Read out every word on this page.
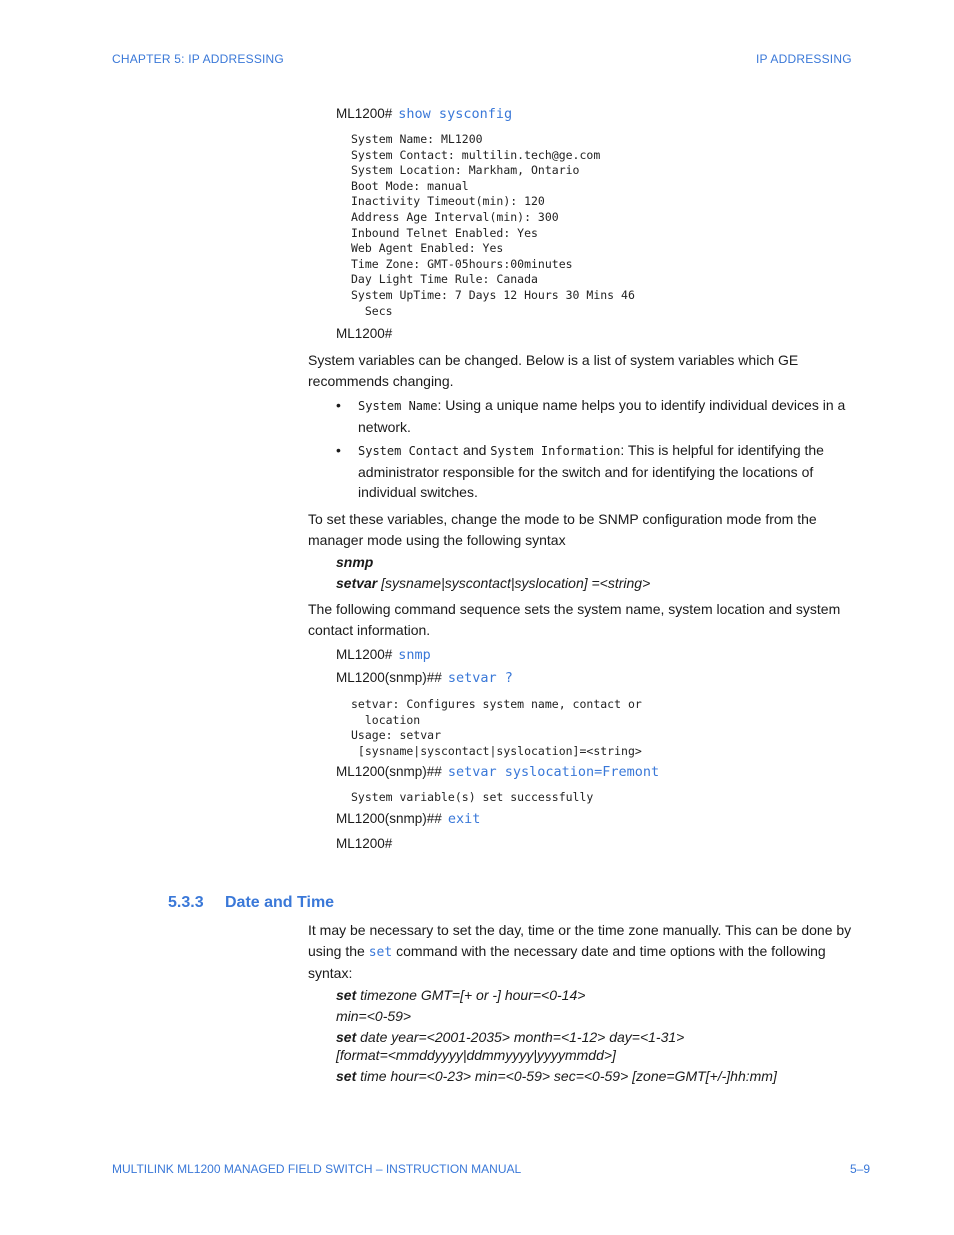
CHAPTER 5: IP ADDRESSING	IP ADDRESSING
ML1200# show sysconfig
System Name: ML1200
System Contact: multilin.tech@ge.com
System Location: Markham, Ontario
Boot Mode: manual
Inactivity Timeout(min): 120
Address Age Interval(min): 300
Inbound Telnet Enabled: Yes
Web Agent Enabled: Yes
Time Zone: GMT-05hours:00minutes
Day Light Time Rule: Canada
System UpTime: 7 Days 12 Hours 30 Mins 46
Secs
ML1200#

System variables can be changed. Below is a list of system variables which GE recommends changing.

• System Name: Using a unique name helps you to identify individual devices in a network.

• System Contact and System Information: This is helpful for identifying the administrator responsible for the switch and for identifying the locations of individual switches.

To set these variables, change the mode to be SNMP configuration mode from the manager mode using the following syntax

snmp
setvar [sysname|syscontact|syslocation] =<string>

The following command sequence sets the system name, system location and system contact information.

ML1200# snmp
ML1200(snmp)## setvar ?
setvar: Configures system name, contact or
location
Usage: setvar
[sysname|syscontact|syslocation]=<string>
ML1200(snmp)## setvar syslocation=Fremont
System variable(s) set successfully
ML1200(snmp)## exit
ML1200#
5.3.3 Date and Time

It may be necessary to set the day, time or the time zone manually. This can be done by using the set command with the necessary date and time options with the following syntax:

set timezone GMT=[+ or -] hour=<0-14>
min=<0-59>
set date year=<2001-2035> month=<1-12> day=<1-31>
[format=<mmddyyyy|ddmmyyyy|yyyymmdd>]
set time hour=<0-23> min=<0-59> sec=<0-59> [zone=GMT[+/-]hh:mm]
MULTILINK ML1200 MANAGED FIELD SWITCH – INSTRUCTION MANUAL	5–9
